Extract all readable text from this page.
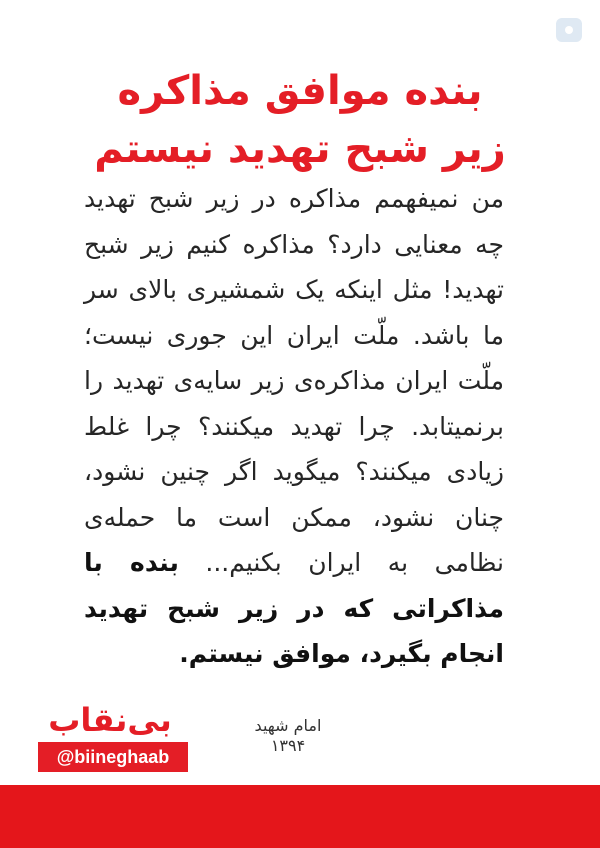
بنده موافق مذاکره
زیر شبح تهدید نیستم
من نمیفهمم مذاکره در زیر شبح تهدید چه معنایی دارد؟ مذاکره کنیم زیر شبح تهدید! مثل اینکه یک شمشیری بالای سر ما باشد. ملّت ایران این جوری نیست؛ ملّت ایران مذاکره‌ی زیر سایه‌ی تهدید را برنمیتابد. چرا تهدید میکنند؟ چرا غلط زیادی میکنند؟ میگوید اگر چنین نشود، چنان نشود، ممکن است ما حمله‌ی نظامی به ایران بکنیم... بنده با مذاکراتی که در زیر شبح تهدید انجام بگیرد، موافق نیستم.
امام شهید
۱۳۹۴
بی‌نقاب
@biineghaab
